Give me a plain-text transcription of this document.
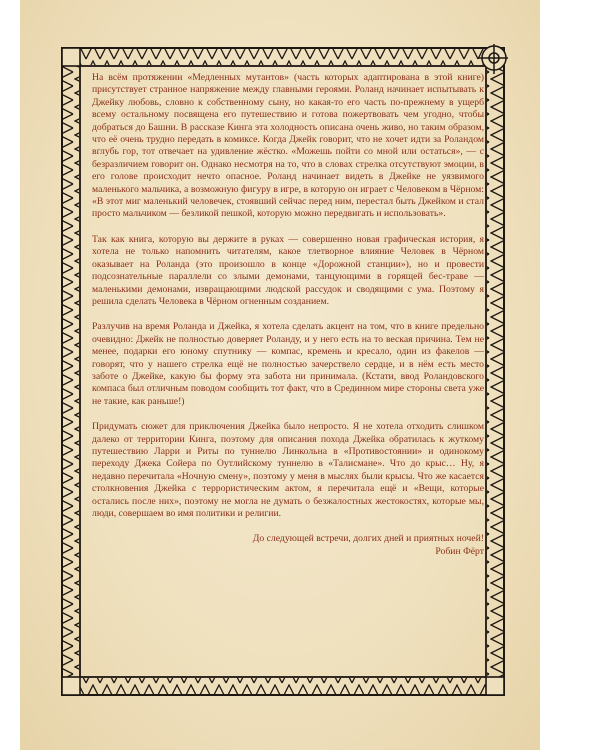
На всём протяжении «Медленных мутантов» (часть которых адаптирована в этой книге) присутствует странное напряжение между главными героями. Роланд начинает испытывать к Джейку любовь, словно к собственному сыну, но какая-то его часть по-прежнему в ущерб всему остальному посвящена его путешествию и готова пожертвовать чем угодно, чтобы добраться до Башни. В рассказе Кинга эта холодность описана очень живо, но таким образом, что её очень трудно передать в комиксе. Когда Джейк говорит, что не хочет идти за Роландом вглубь гор, тот отвечает на удивление жёстко. «Можешь пойти со мной или остаться», — с безразличием говорит он. Однако несмотря на то, что в словах стрелка отсутствуют эмоции, в его голове происходит нечто опасное. Роланд начинает видеть в Джейке не уязвимого маленького мальчика, а возможную фигуру в игре, в которую он играет с Человеком в Чёрном: «В этот миг маленький человечек, стоявший сейчас перед ним, перестал быть Джейком и стал просто мальчиком — безликой пешкой, которую можно передвигать и использовать».

Так как книга, которую вы держите в руках — совершенно новая графическая история, я хотела не только напомнить читателям, какое тлетворное влияние Человек в Чёрном оказывает на Роланда (это произошло в конце «Дорожной станции»), но и провести подсознательные параллели со злыми демонами, танцующими в горящей бес-траве — маленькими демонами, извращающими людской рассудок и сводящими с ума. Поэтому я решила сделать Человека в Чёрном огненным созданием.

Разлучив на время Роланда и Джейка, я хотела сделать акцент на том, что в книге предельно очевидно: Джейк не полностью доверяет Роланду, и у него есть на то веская причина. Тем не менее, подарки его юному спутнику — компас, кремень и кресало, один из факелов — говорят, что у нашего стрелка ещё не полностью зачерствело сердце, и в нём есть место заботе о Джейке, какую бы форму эта забота ни принимала. (Кстати, ввод Роландовского компаса был отличным поводом сообщить тот факт, что в Срединном мире стороны света уже не такие, как раньше!)

Придумать сюжет для приключения Джейка было непросто. Я не хотела отходить слишком далеко от территории Кинга, поэтому для описания похода Джейка обратилась к жуткому путешествию Ларри и Риты по туннелю Линкольна в «Противостоянии» и одинокому переходу Джека Сойера по Оутлийскому туннелю в «Талисмане». Что до крыс… Ну, я недавно перечитала «Ночную смену», поэтому у меня в мыслях были крысы. Что же касается столкновения Джейка с террористическим актом, я перечитала ещё и «Вещи, которые остались после них», поэтому не могла не думать о безжалостных жестокостях, которые мы, люди, совершаем во имя политики и религии.

До следующей встречи, долгих дней и приятных ночей!
Робин Фёрт
